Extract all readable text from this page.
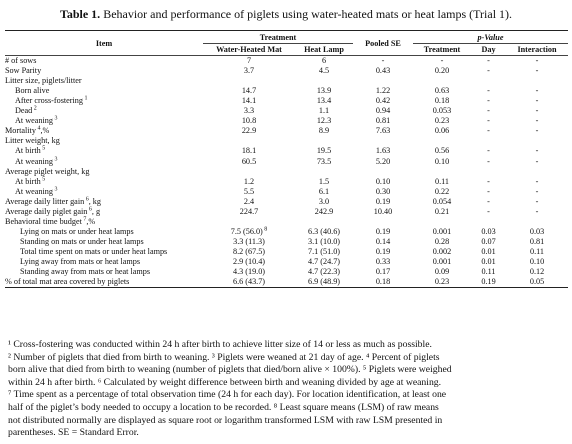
Table 1. Behavior and performance of piglets using water-heated mats or heat lamps (Trial 1).
Item	Treatment		Pooled SE	p-Value		
	Water-Heated Mat	Heat Lamp		Treatment	Day	Interaction
# of sows	7	6	-	-	-	-
Sow Parity	3.7	4.5	0.43	0.20	-	-
Litter size, piglets/litter						
Born alive	14.7	13.9	1.22	0.63	-	-
After cross-fostering $^1$	14.1	13.4	0.42	0.18	-	-
Dead $^2$	3.3	1.1	0.94	0.053	-	-
At weaning $^3$	10.8	12.3	0.81	0.23	-	-
Mortality $^4$,%	22.9	8.9	7.63	0.06	-	-
Litter weight, kg						
At birth $^5$	18.1	19.5	1.63	0.56	-	-
At weaning $^3$	60.5	73.5	5.20	0.10	-	-
Average piglet weight, kg						
At birth $^5$	1.2	1.5	0.10	0.11	-	-
At weaning $^3$	5.5	6.1	0.30	0.22	-	-
Average daily litter gain $^6$, kg	2.4	3.0	0.19	0.054	-	-
Average daily piglet gain $^6$, g	224.7	242.9	10.40	0.21	-	-
Behavioral time budget $^7$,%						
Lying on mats or under heat lamps	7.5 (56.0) $^8$	6.3 (40.6)	0.19	0.001	0.03	0.03
Standing on mats or under heat lamps	3.3 (11.3)	3.1 (10.0)	0.14	0.28	0.07	0.81
Total time spent on mats or under heat lamps	8.2 (67.5)	7.1 (51.0)	0.19	0.002	0.01	0.11
Lying away from mats or heat lamps	2.9 (10.4)	4.7 (24.7)	0.33	0.001	0.01	0.10
Standing away from mats or heat lamps	4.3 (19.0)	4.7 (22.3)	0.17	0.09	0.11	0.12
% of total mat area covered by piglets	6.6 (43.7)	6.9 (48.9)	0.18	0.23	0.19	0.05
¹ Cross-fostering was conducted within 24 h after birth to achieve litter size of 14 or less as much as possible.
² Number of piglets that died from birth to weaning. ³ Piglets were weaned at 21 day of age. ⁴ Percent of piglets
born alive that died from birth to weaning (number of piglets that died/born alive × 100%). ⁵ Piglets were weighed
within 24 h after birth. ⁶ Calculated by weight difference between birth and weaning divided by age at weaning.
⁷ Time spent as a percentage of total observation time (24 h for each day). For location identification, at least one
half of the piglet’s body needed to occupy a location to be recorded. ⁸ Least square means (LSM) of raw means
not distributed normally are displayed as square root or logarithm transformed LSM with raw LSM presented in
parentheses. SE = Standard Error.
